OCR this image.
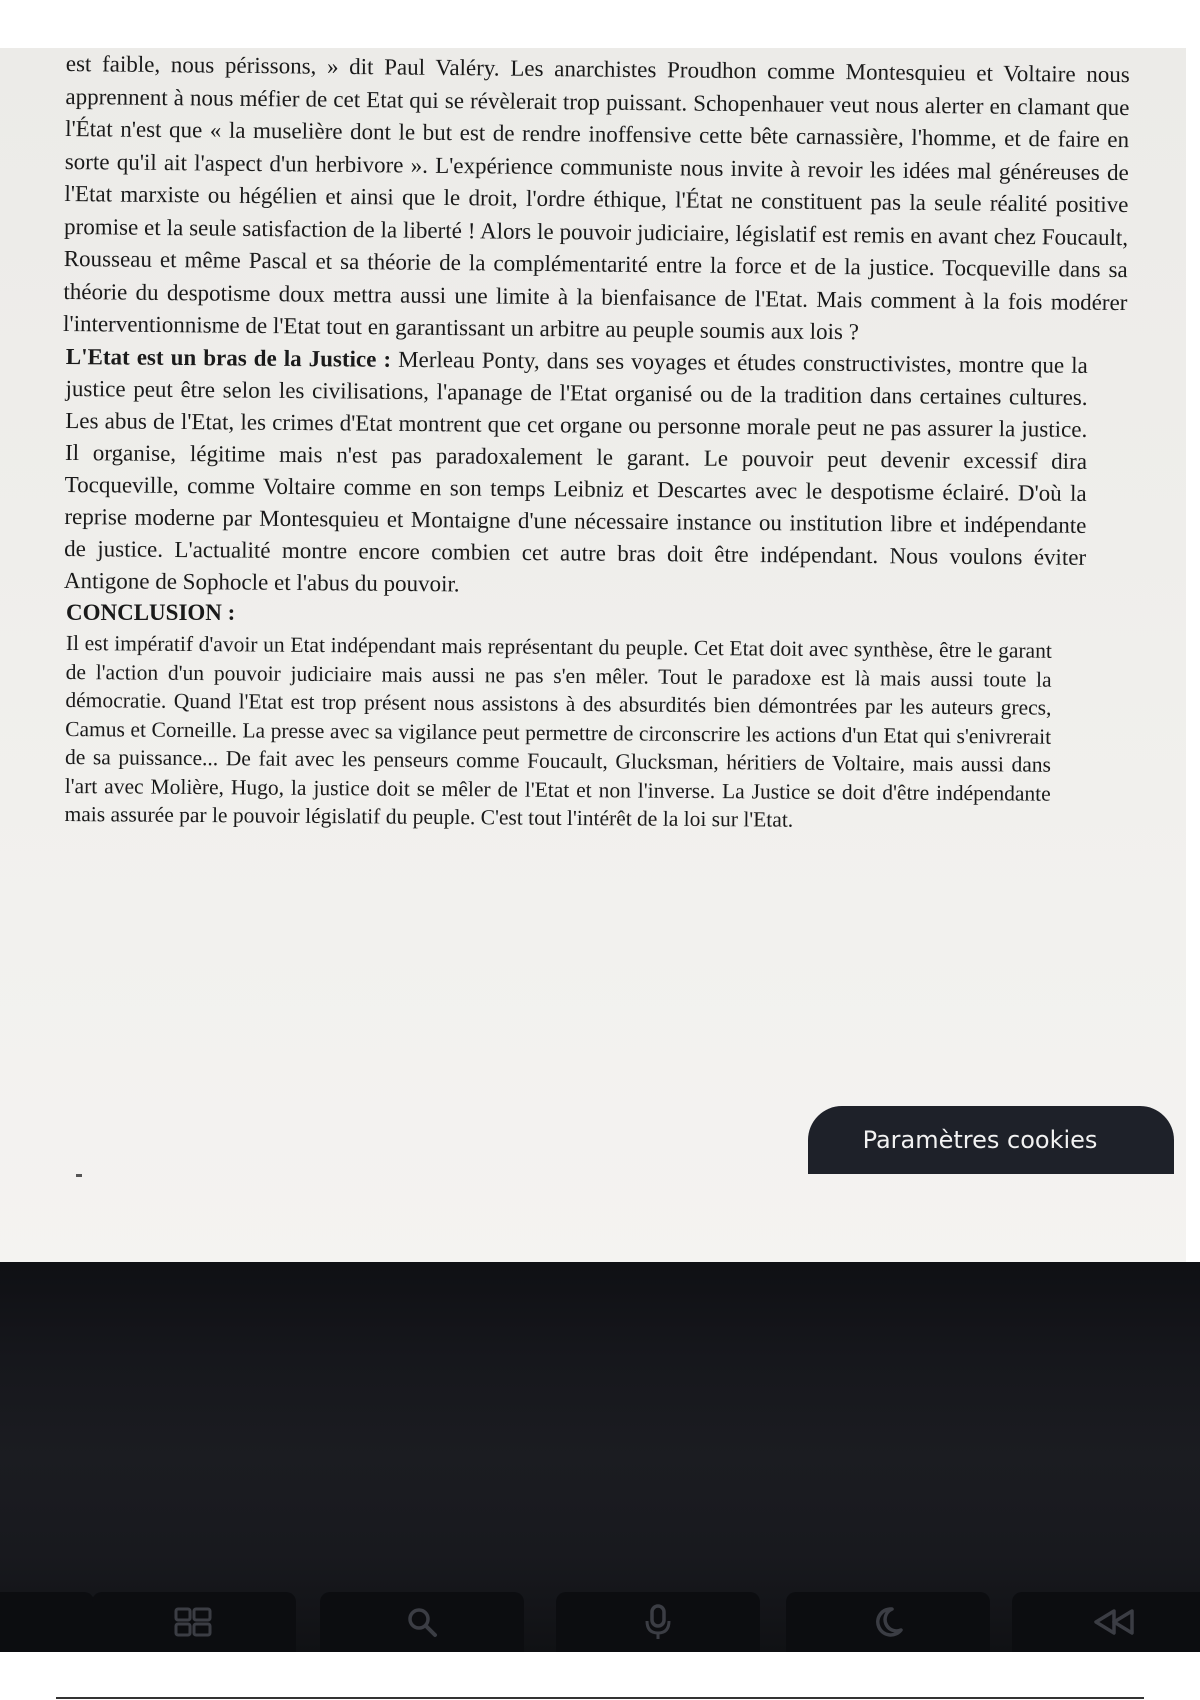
est faible, nous périssons, » dit Paul Valéry. Les anarchistes Proudhon comme Montesquieu et Voltaire nous apprennent à nous méfier de cet Etat qui se révèlerait trop puissant. Schopenhauer veut nous alerter en clamant que l'État n'est que « la muselière dont le but est de rendre inoffensive cette bête carnassière, l'homme, et de faire en sorte qu'il ait l'aspect d'un herbivore ». L'expérience communiste nous invite à revoir les idées mal généreuses de l'Etat marxiste ou hégélien et ainsi que le droit, l'ordre éthique, l'État ne constituent pas la seule réalité positive promise et la seule satisfaction de la liberté ! Alors le pouvoir judiciaire, législatif est remis en avant chez Foucault, Rousseau et même Pascal et sa théorie de la complémentarité entre la force et de la justice. Tocqueville dans sa théorie du despotisme doux mettra aussi une limite à la bienfaisance de l'Etat. Mais comment à la fois modérer l'interventionnisme de l'Etat tout en garantissant un arbitre au peuple soumis aux lois ?

L'Etat est un bras de la Justice : Merleau Ponty, dans ses voyages et études constructivistes, montre que la justice peut être selon les civilisations, l'apanage de l'Etat organisé ou de la tradition dans certaines cultures. Les abus de l'Etat, les crimes d'Etat montrent que cet organe ou personne morale peut ne pas assurer la justice. Il organise, légitime mais n'est pas paradoxalement le garant. Le pouvoir peut devenir excessif dira Tocqueville, comme Voltaire comme en son temps Leibniz et Descartes avec le despotisme éclairé. D'où la reprise moderne par Montesquieu et Montaigne d'une nécessaire instance ou institution libre et indépendante de justice. L'actualité montre encore combien cet autre bras doit être indépendant. Nous voulons éviter Antigone de Sophocle et l'abus du pouvoir.

CONCLUSION :

Il est impératif d'avoir un Etat indépendant mais représentant du peuple. Cet Etat doit avec synthèse, être le garant de l'action d'un pouvoir judiciaire mais aussi ne pas s'en mêler. Tout le paradoxe est là mais aussi toute la démocratie. Quand l'Etat est trop présent nous assistons à des absurdités bien démontrées par les auteurs grecs, Camus et Corneille. La presse avec sa vigilance peut permettre de circonscrire les actions d'un Etat qui s'enivrerait de sa puissance... De fait avec les penseurs comme Foucault, Glucksman, héritiers de Voltaire, mais aussi dans l'art avec Molière, Hugo, la justice doit se mêler de l'Etat et non l'inverse. La Justice se doit d'être indépendante mais assurée par le pouvoir législatif du peuple. C'est tout l'intérêt de la loi sur l'Etat.

Paramètres cookies
